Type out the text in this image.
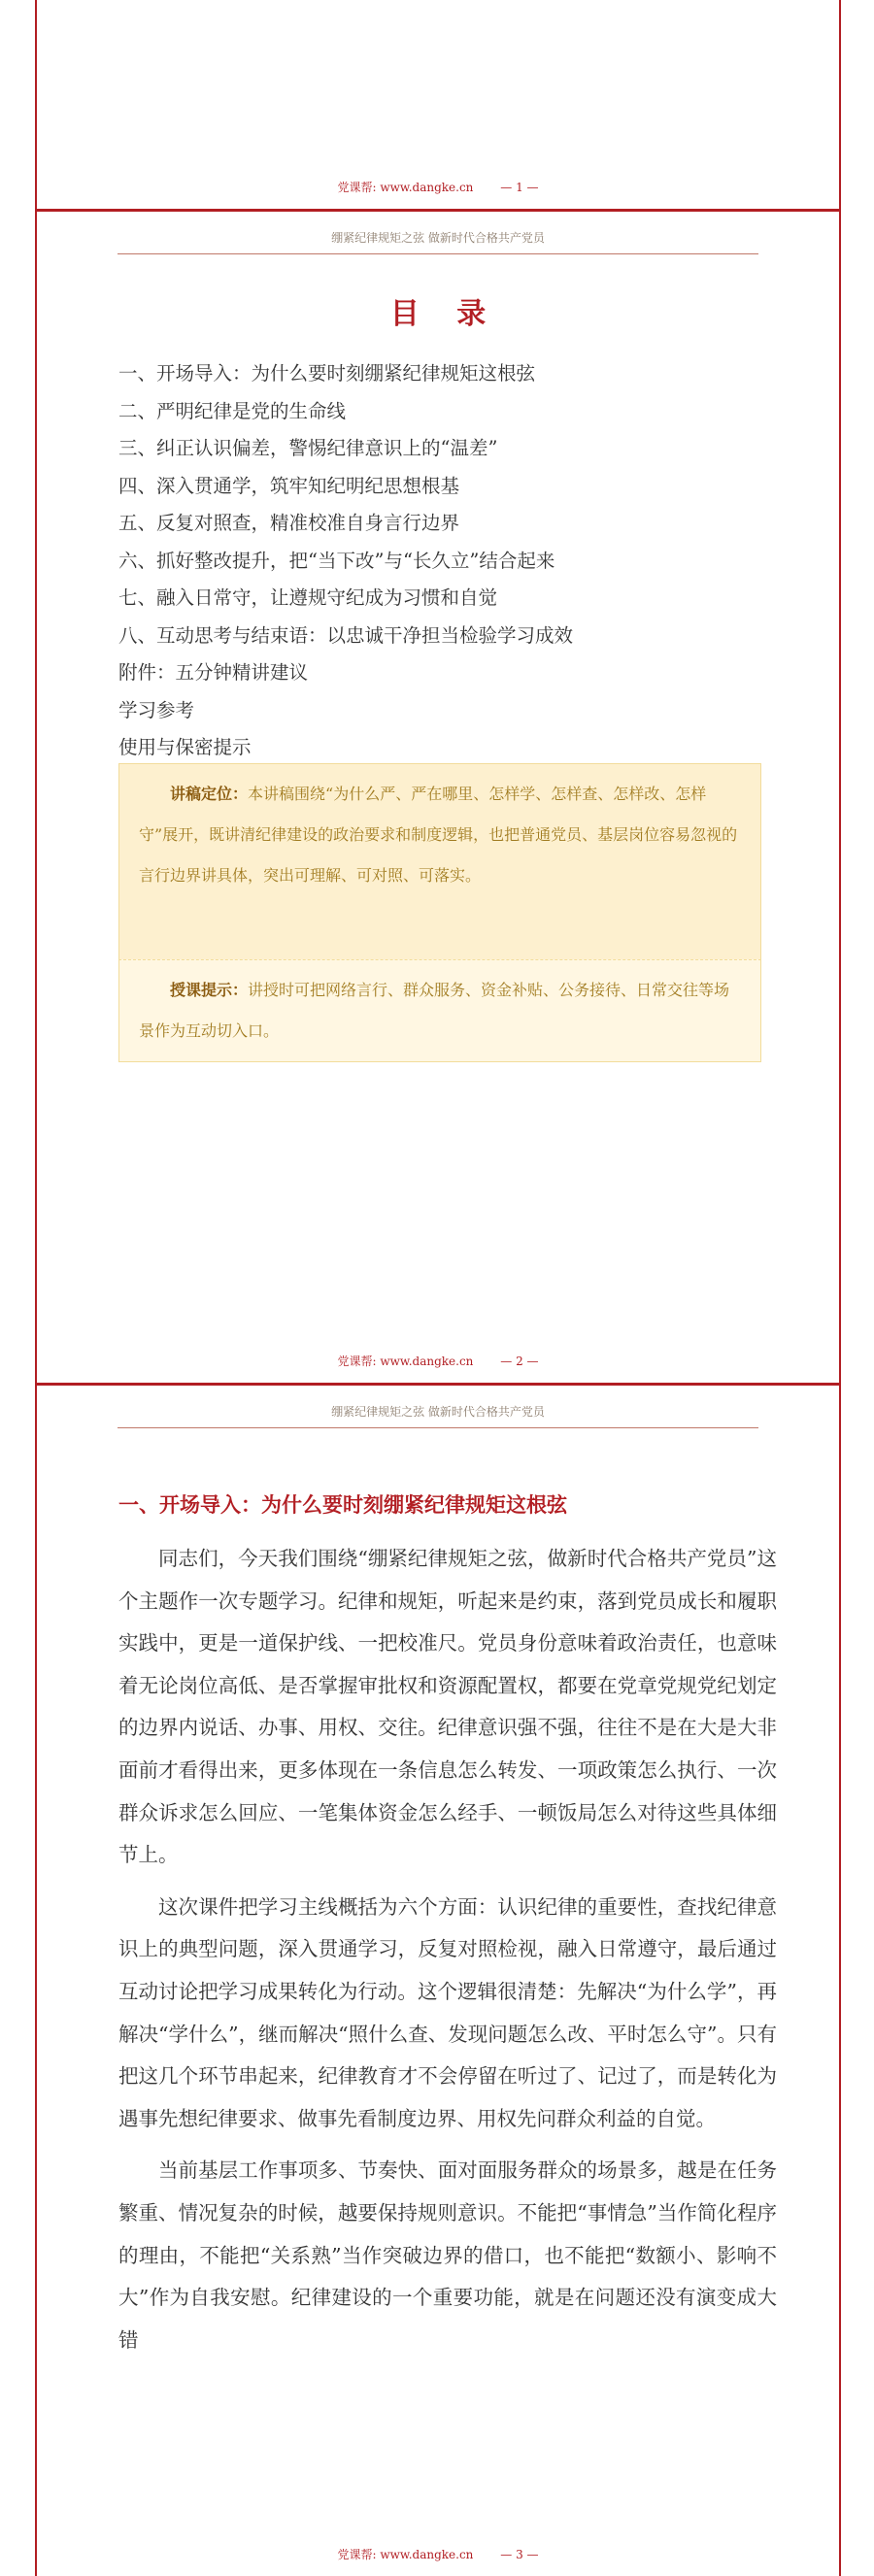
党课帮: www.dangke.cn — 1 —
绷紧纪律规矩之弦 做新时代合格共产党员
目 录
一、开场导入：为什么要时刻绷紧纪律规矩这根弦
二、严明纪律是党的生命线
三、纠正认识偏差，警惕纪律意识上的“温差”
四、深入贯通学，筑牢知纪明纪思想根基
五、反复对照查，精准校准自身言行边界
六、抓好整改提升，把“当下改”与“长久立”结合起来
七、融入日常守，让遵规守纪成为习惯和自觉
八、互动思考与结束语：以忠诚干净担当检验学习成效
附件：五分钟精讲建议
学习参考
使用与保密提示
讲稿定位：本讲稿围绕“为什么严、严在哪里、怎样学、怎样查、怎样改、怎样守”展开，既讲清纪律建设的政治要求和制度逻辑，也把普通党员、基层岗位容易忽视的言行边界讲具体，突出可理解、可对照、可落实。
授课提示：讲授时可把网络言行、群众服务、资金补贴、公务接待、日常交往等场景作为互动切入口。
党课帮: www.dangke.cn — 2 —
绷紧纪律规矩之弦 做新时代合格共产党员
一、开场导入：为什么要时刻绷紧纪律规矩这根弦

同志们，今天我们围绕“绷紧纪律规矩之弦，做新时代合格共产党员”这个主题作一次专题学习。纪律和规矩，听起来是约束，落到党员成长和履职实践中，更是一道保护线、一把校准尺。党员身份意味着政治责任，也意味着无论岗位高低、是否掌握审批权和资源配置权，都要在党章党规党纪划定的边界内说话、办事、用权、交往。纪律意识强不强，往往不是在大是大非面前才看得出来，更多体现在一条信息怎么转发、一项政策怎么执行、一次群众诉求怎么回应、一笔集体资金怎么经手、一顿饭局怎么对待这些具体细节上。

这次课件把学习主线概括为六个方面：认识纪律的重要性，查找纪律意识上的典型问题，深入贯通学习，反复对照检视，融入日常遵守，最后通过互动讨论把学习成果转化为行动。这个逻辑很清楚：先解决“为什么学”，再解决“学什么”，继而解决“照什么查、发现问题怎么改、平时怎么守”。只有把这几个环节串起来，纪律教育才不会停留在听过了、记过了，而是转化为遇事先想纪律要求、做事先看制度边界、用权先问群众利益的自觉。

当前基层工作事项多、节奏快、面对面服务群众的场景多，越是在任务繁重、情况复杂的时候，越要保持规则意识。不能把“事情急”当作简化程序的理由，不能把“关系熟”当作突破边界的借口，也不能把“数额小、影响不大”作为自我安慰。纪律建设的一个重要功能，就是在问题还没有演变成大错

党课帮: www.dangke.cn — 3 —
